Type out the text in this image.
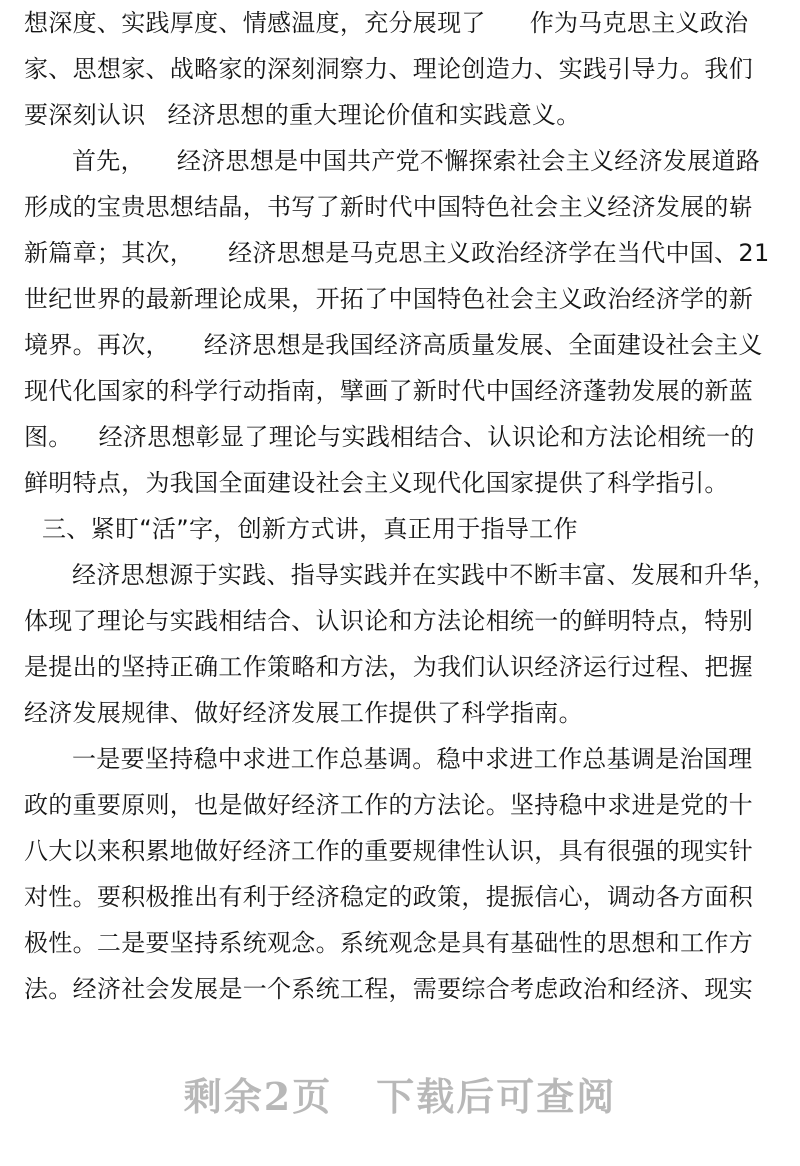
想深度、实践厚度、情感温度，充分展现了 作为马克思主义政治
家、思想家、战略家的深刻洞察力、理论创造力、实践引导力。我们
要深刻认识 经济思想的重大理论价值和实践意义。
首先， 经济思想是中国共产党不懈探索社会主义经济发展道路
形成的宝贵思想结晶，书写了新时代中国特色社会主义经济发展的崭
新篇章；其次， 经济思想是马克思主义政治经济学在当代中国、21
世纪世界的最新理论成果，开拓了中国特色社会主义政治经济学的新
境界。再次， 经济思想是我国经济高质量发展、全面建设社会主义
现代化国家的科学行动指南，擘画了新时代中国经济蓬勃发展的新蓝
图。 经济思想彰显了理论与实践相结合、认识论和方法论相统一的
鲜明特点，为我国全面建设社会主义现代化国家提供了科学指引。
三、紧盯“活”字，创新方式讲，真正用于指导工作
经济思想源于实践、指导实践并在实践中不断丰富、发展和升华，
体现了理论与实践相结合、认识论和方法论相统一的鲜明特点，特别
是提出的坚持正确工作策略和方法，为我们认识经济运行过程、把握
经济发展规律、做好经济发展工作提供了科学指南。
一是要坚持稳中求进工作总基调。稳中求进工作总基调是治国理
政的重要原则，也是做好经济工作的方法论。坚持稳中求进是党的十
八大以来积累地做好经济工作的重要规律性认识，具有很强的现实针
对性。要积极推出有利于经济稳定的政策，提振信心，调动各方面积
极性。二是要坚持系统观念。系统观念是具有基础性的思想和工作方
法。经济社会发展是一个系统工程，需要综合考虑政治和经济、现实
剩余2页 下载后可查阅
